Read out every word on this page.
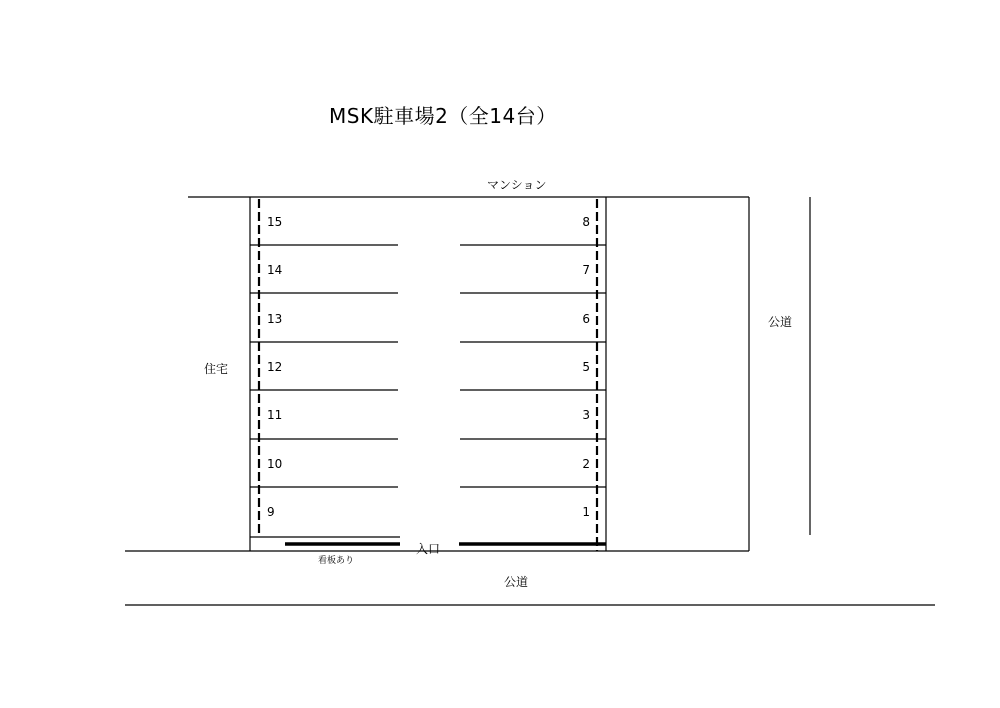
MSK駐車場2（全14台）
マンション
住宅
公道
公道
入口
看板あり
15
14
13
12
11
10
9
8
7
6
5
3
2
1
